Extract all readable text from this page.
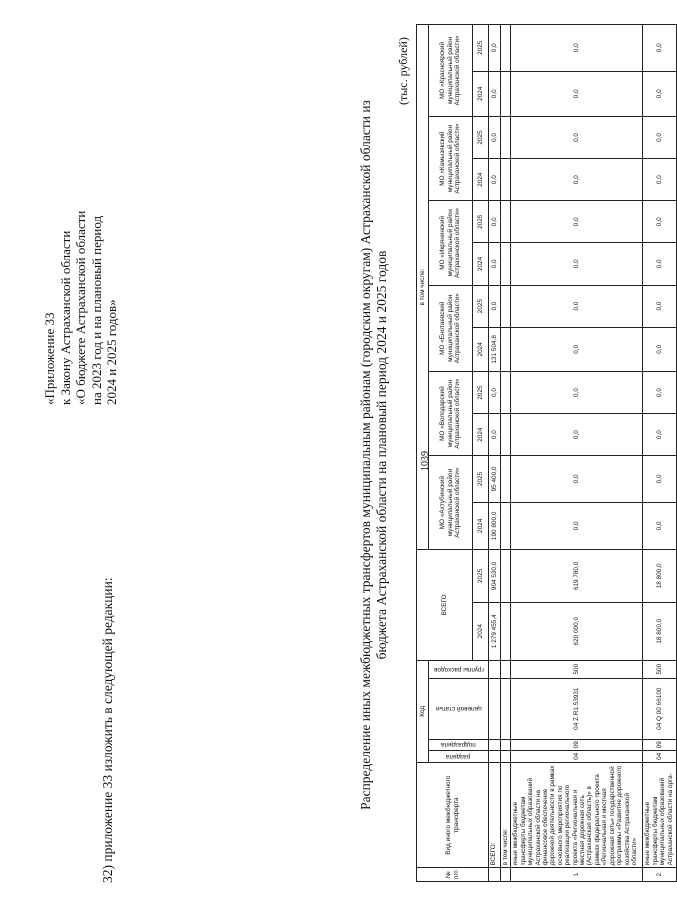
1039
32) приложение 33 изложить в следующей редакции:
«Приложение 33 к Закону Астраханской области «О бюджете Астраханской области на 2023 год и на плановый период 2024 и 2025 годов»	Распределение иных межбюджетных трансфертов муниципальным районам (городским округам) Астраханской области из бюджета Астраханской области на плановый период 2024 и 2025 годов
(тыс. рублей)
№ п/п	Вид иного межбюджетного трансферта	Код				ВСЕГО		в том числе:											

		раздела	подраздела	целевой статьи	группы расходов			МО «Ахтубинский муниципальный район Астраханской области»		МО «Володарский муниципальный район Астраханской области»		МО «Енотаевский муниципальный район Астраханской области»		МО «Икрянинский муниципальный район Астраханской области»		МО «Камызякский муниципальный район Астраханской области»		МО «Красноярский муниципальный район Астраханской области»	

						2024	2025	2024	2025	2024	2025	2024	2025	2024	2025	2024	2025	2024	2025
	ВСЕГО:					1 279 455,4	904 530,0	190 800,0	95 400,0	0,0	0,0	131 504,8	0,0	0,0	0,0	0,0	0,0	0,0	0,0
	в том числе:																		
1	иные межбюджетные трансферты бюджетам муниципальных образований Астраханской области на финансовое обеспечение дорожной деятельности в рамках основного мероприятия по реализации регионального проекта «Региональная и местная дорожная сеть (Астраханская область)» в рамках федерального проекта «Региональная и местная дорожная сеть» государственной программы «Развитие дорожного хозяйства Астраханской области»	04	09	04 Z R1 53931	500	620 000,0	619 780,0	0,0	0,0	0,0	0,0	0,0	0,0	0,0	0,0	0,0	0,0	0,0	0,0
2	иные межбюджетные трансферты бюджетам муниципальных образований Астраханской области на орга-	04	09	04 Q 00 66100	500	18 800,0	18 800,0	0,0	0,0	0,0	0,0	0,0	0,0	0,0	0,0	0,0	0,0	0,0	0,0
